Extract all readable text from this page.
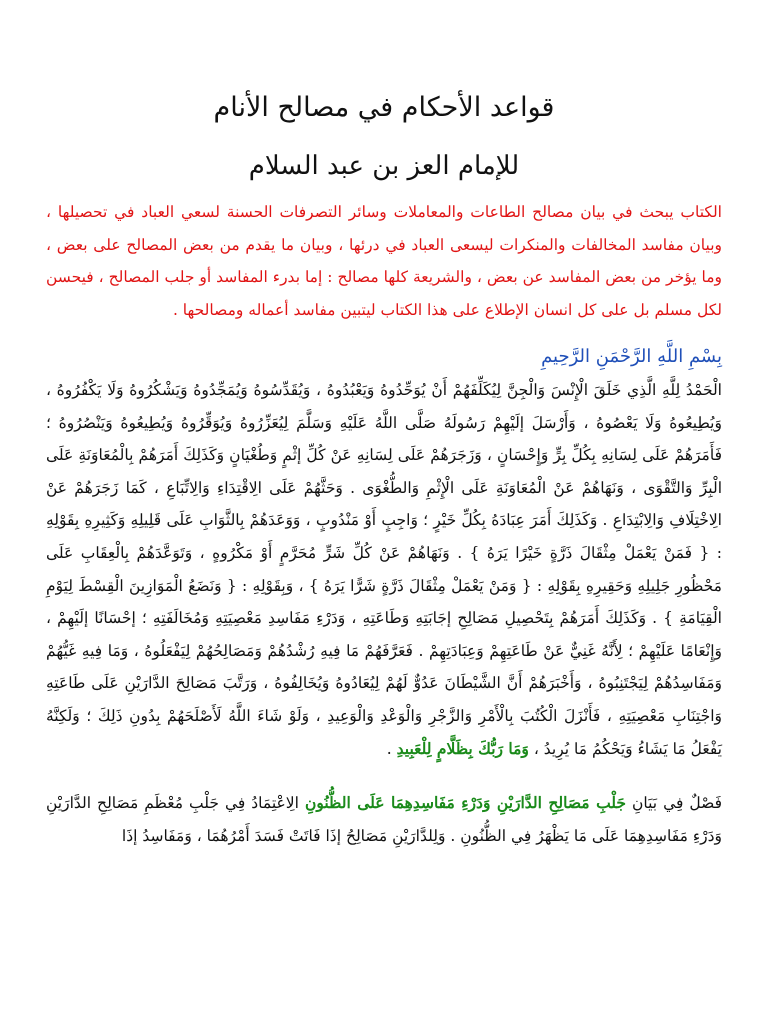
قواعد الأحكام في مصالح الأنام
للإمام العز بن عبد السلام

الكتاب يبحث في بيان مصالح الطاعات والمعاملات وسائر التصرفات الحسنة لسعي العباد في تحصيلها ، وبيان مفاسد المخالفات والمنكرات ليسعى العباد في درئها ، وبيان ما يقدم من بعض المصالح على بعض ، وما يؤخر من بعض المفاسد عن بعض ، والشريعة كلها مصالح : إما بدرء المفاسد أو جلب المصالح ، فيحسن لكل مسلم بل على كل انسان الإطلاع على هذا الكتاب ليتبين مفاسد أعماله ومصالحها .

بِسْمِ اللَّهِ الرَّحْمَنِ الرَّحِيمِ

الْحَمْدُ لِلَّهِ الَّذِي خَلَقَ الْإِنْسَ وَالْجِنَّ لِيُكَلِّفَهُمْ أَنْ يُوَحِّدُوهُ وَيَعْبُدُوهُ ، وَيُقَدِّسُوهُ وَيُمَجِّدُوهُ وَيَشْكُرُوهُ وَلَا يَكْفُرُوهُ ، وَيُطِيعُوهُ وَلَا يَعْصُوهُ ، وَأَرْسَلَ إلَيْهِمْ رَسُولَهُ صَلَّى اللَّهُ عَلَيْهِ وَسَلَّمَ لِيُعَزِّرُوهُ وَيُوَقِّرُوهُ وَيُطِيعُوهُ وَيَنْصُرُوهُ ؛ فَأَمَرَهُمْ عَلَى لِسَانِهِ بِكُلِّ بِرٍّ وَإِحْسَانٍ ، وَزَجَرَهُمْ عَلَى لِسَانِهِ عَنْ كُلِّ إثْمٍ وَطُغْيَانٍ وَكَذَلِكَ أَمَرَهُمْ بِالْمُعَاوَنَةِ عَلَى الْبِرِّ وَالتَّقْوَى ، وَنَهَاهُمْ عَنْ الْمُعَاوَنَةِ عَلَى الْإِثْمِ وَالطُّغْوَى . وَحَثَّهُمْ عَلَى الِاقْتِدَاءِ وَالِاتِّبَاعِ ، كَمَا زَجَرَهُمْ عَنْ الِاخْتِلَافِ وَالِابْتِدَاعِ . وَكَذَلِكَ أَمَرَ عِبَادَهُ بِكُلِّ خَيْرٍ ؛ وَاجِبٍ أَوْ مَنْدُوبٍ ، وَوَعَدَهُمْ بِالثَّوَابِ عَلَى قَلِيلِهِ وَكَثِيرِهِ بِقَوْلِهِ : { فَمَنْ يَعْمَلْ مِثْقَالَ ذَرَّةٍ خَيْرًا يَرَهُ } . وَنَهَاهُمْ عَنْ كُلِّ شَرٍّ مُحَرَّمٍ أَوْ مَكْرُوهٍ ، وَتَوَعَّدَهُمْ بِالْعِقَابِ عَلَى مَحْظُورِ جَلِيلِهِ وَحَقِيرِهِ بِقَوْلِهِ : { وَمَنْ يَعْمَلْ مِثْقَالَ ذَرَّةٍ شَرًّا يَرَهُ } ، وَبِقَوْلِهِ : { وَنَضَعُ الْمَوَازِينَ الْقِسْطَ لِيَوْمِ الْقِيَامَةِ } . وَكَذَلِكَ أَمَرَهُمْ بِتَحْصِيلِ مَصَالِحِ إجَابَتِهِ وَطَاعَتِهِ ، وَدَرْءِ مَفَاسِدِ مَعْصِيَتِهِ وَمُخَالَفَتِهِ ؛ إحْسَانًا إلَيْهِمْ ، وَإِنْعَامًا عَلَيْهِمْ ؛ لِأَنَّهُ غَنِيٌّ عَنْ طَاعَتِهِمْ وَعِبَادَتِهِمْ . فَعَرَّفَهُمْ مَا فِيهِ رُشْدُهُمْ وَمَصَالِحُهُمْ لِيَفْعَلُوهُ ، وَمَا فِيهِ غَيُّهُمْ وَمَفَاسِدُهُمْ لِيَجْتَنِبُوهُ ، وَأَخْبَرَهُمْ أَنَّ الشَّيْطَانَ عَدُوٌّ لَهُمْ لِيُعَادُوهُ وَيُخَالِفُوهُ ، وَرَتَّبَ مَصَالِحَ الدَّارَيْنِ عَلَى طَاعَتِهِ وَاجْتِنَابِ مَعْصِيَتِهِ ، فَأَنْزَلَ الْكُتُبَ بِالْأَمْرِ وَالزَّجْرِ وَالْوَعْدِ وَالْوَعِيدِ ، وَلَوْ شَاءَ اللَّهُ لَأَصْلَحَهُمْ بِدُونِ ذَلِكَ ؛ وَلَكِنَّهُ يَفْعَلُ مَا يَشَاءُ وَيَحْكُمُ مَا يُرِيدُ ، وَمَا رَبُّكَ بِظَلَّامٍ لِلْعَبِيدِ .

فَصْلٌ فِي بَيَانِ جَلْبِ مَصَالِحِ الدَّارَيْنِ وَدَرْءِ مَفَاسِدِهِمَا عَلَى الظُّنُونِ الِاعْتِمَادُ فِي جَلْبِ مُعْظَمِ مَصَالِحِ الدَّارَيْنِ وَدَرْءِ مَفَاسِدِهِمَا عَلَى مَا يَظْهَرُ فِي الظُّنُونِ . وَلِلدَّارَيْنِ مَصَالِحُ إذَا فَاتَتْ فَسَدَ أَمْرُهُمَا ، وَمَفَاسِدُ إذَا
